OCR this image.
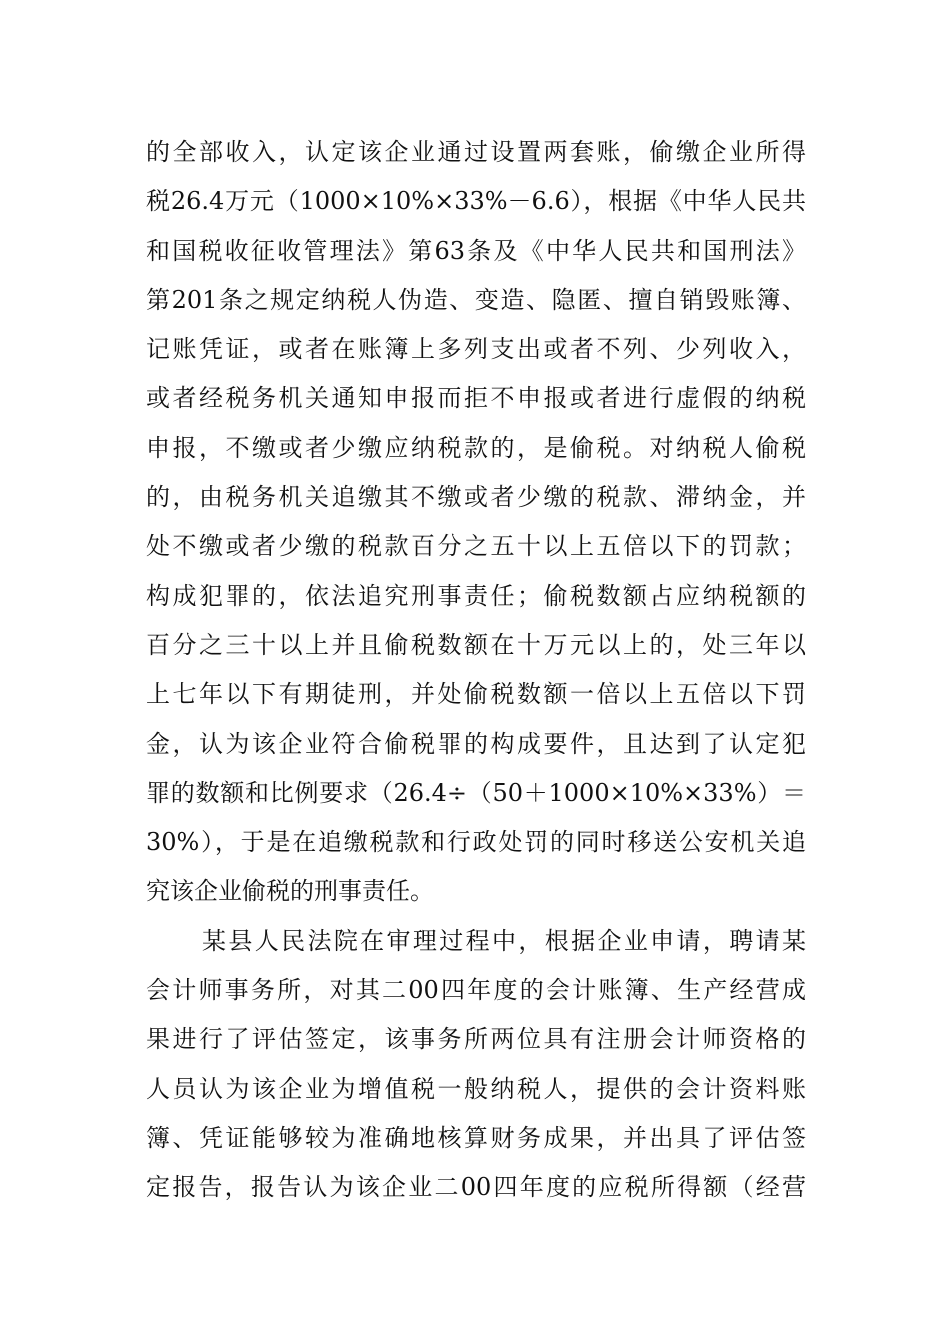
的全部收入，认定该企业通过设置两套账，偷缴企业所得
税26.4万元（1000×10%×33%－6.6），根据《中华人民共
和国税收征收管理法》第63条及《中华人民共和国刑法》
第201条之规定纳税人伪造、变造、隐匿、擅自销毁账簿、
记账凭证，或者在账簿上多列支出或者不列、少列收入，
或者经税务机关通知申报而拒不申报或者进行虚假的纳税
申报，不缴或者少缴应纳税款的，是偷税。对纳税人偷税
的，由税务机关追缴其不缴或者少缴的税款、滞纳金，并
处不缴或者少缴的税款百分之五十以上五倍以下的罚款；
构成犯罪的，依法追究刑事责任；偷税数额占应纳税额的
百分之三十以上并且偷税数额在十万元以上的，处三年以
上七年以下有期徒刑，并处偷税数额一倍以上五倍以下罚
金，认为该企业符合偷税罪的构成要件，且达到了认定犯
罪的数额和比例要求（26.4÷（50＋1000×10%×33%）＝
30%），于是在追缴税款和行政处罚的同时移送公安机关追
究该企业偷税的刑事责任。
某县人民法院在审理过程中，根据企业申请，聘请某
会计师事务所，对其二00四年度的会计账簿、生产经营成
果进行了评估签定，该事务所两位具有注册会计师资格的
人员认为该企业为增值税一般纳税人，提供的会计资料账
簿、凭证能够较为准确地核算财务成果，并出具了评估签
定报告，报告认为该企业二00四年度的应税所得额（经营
